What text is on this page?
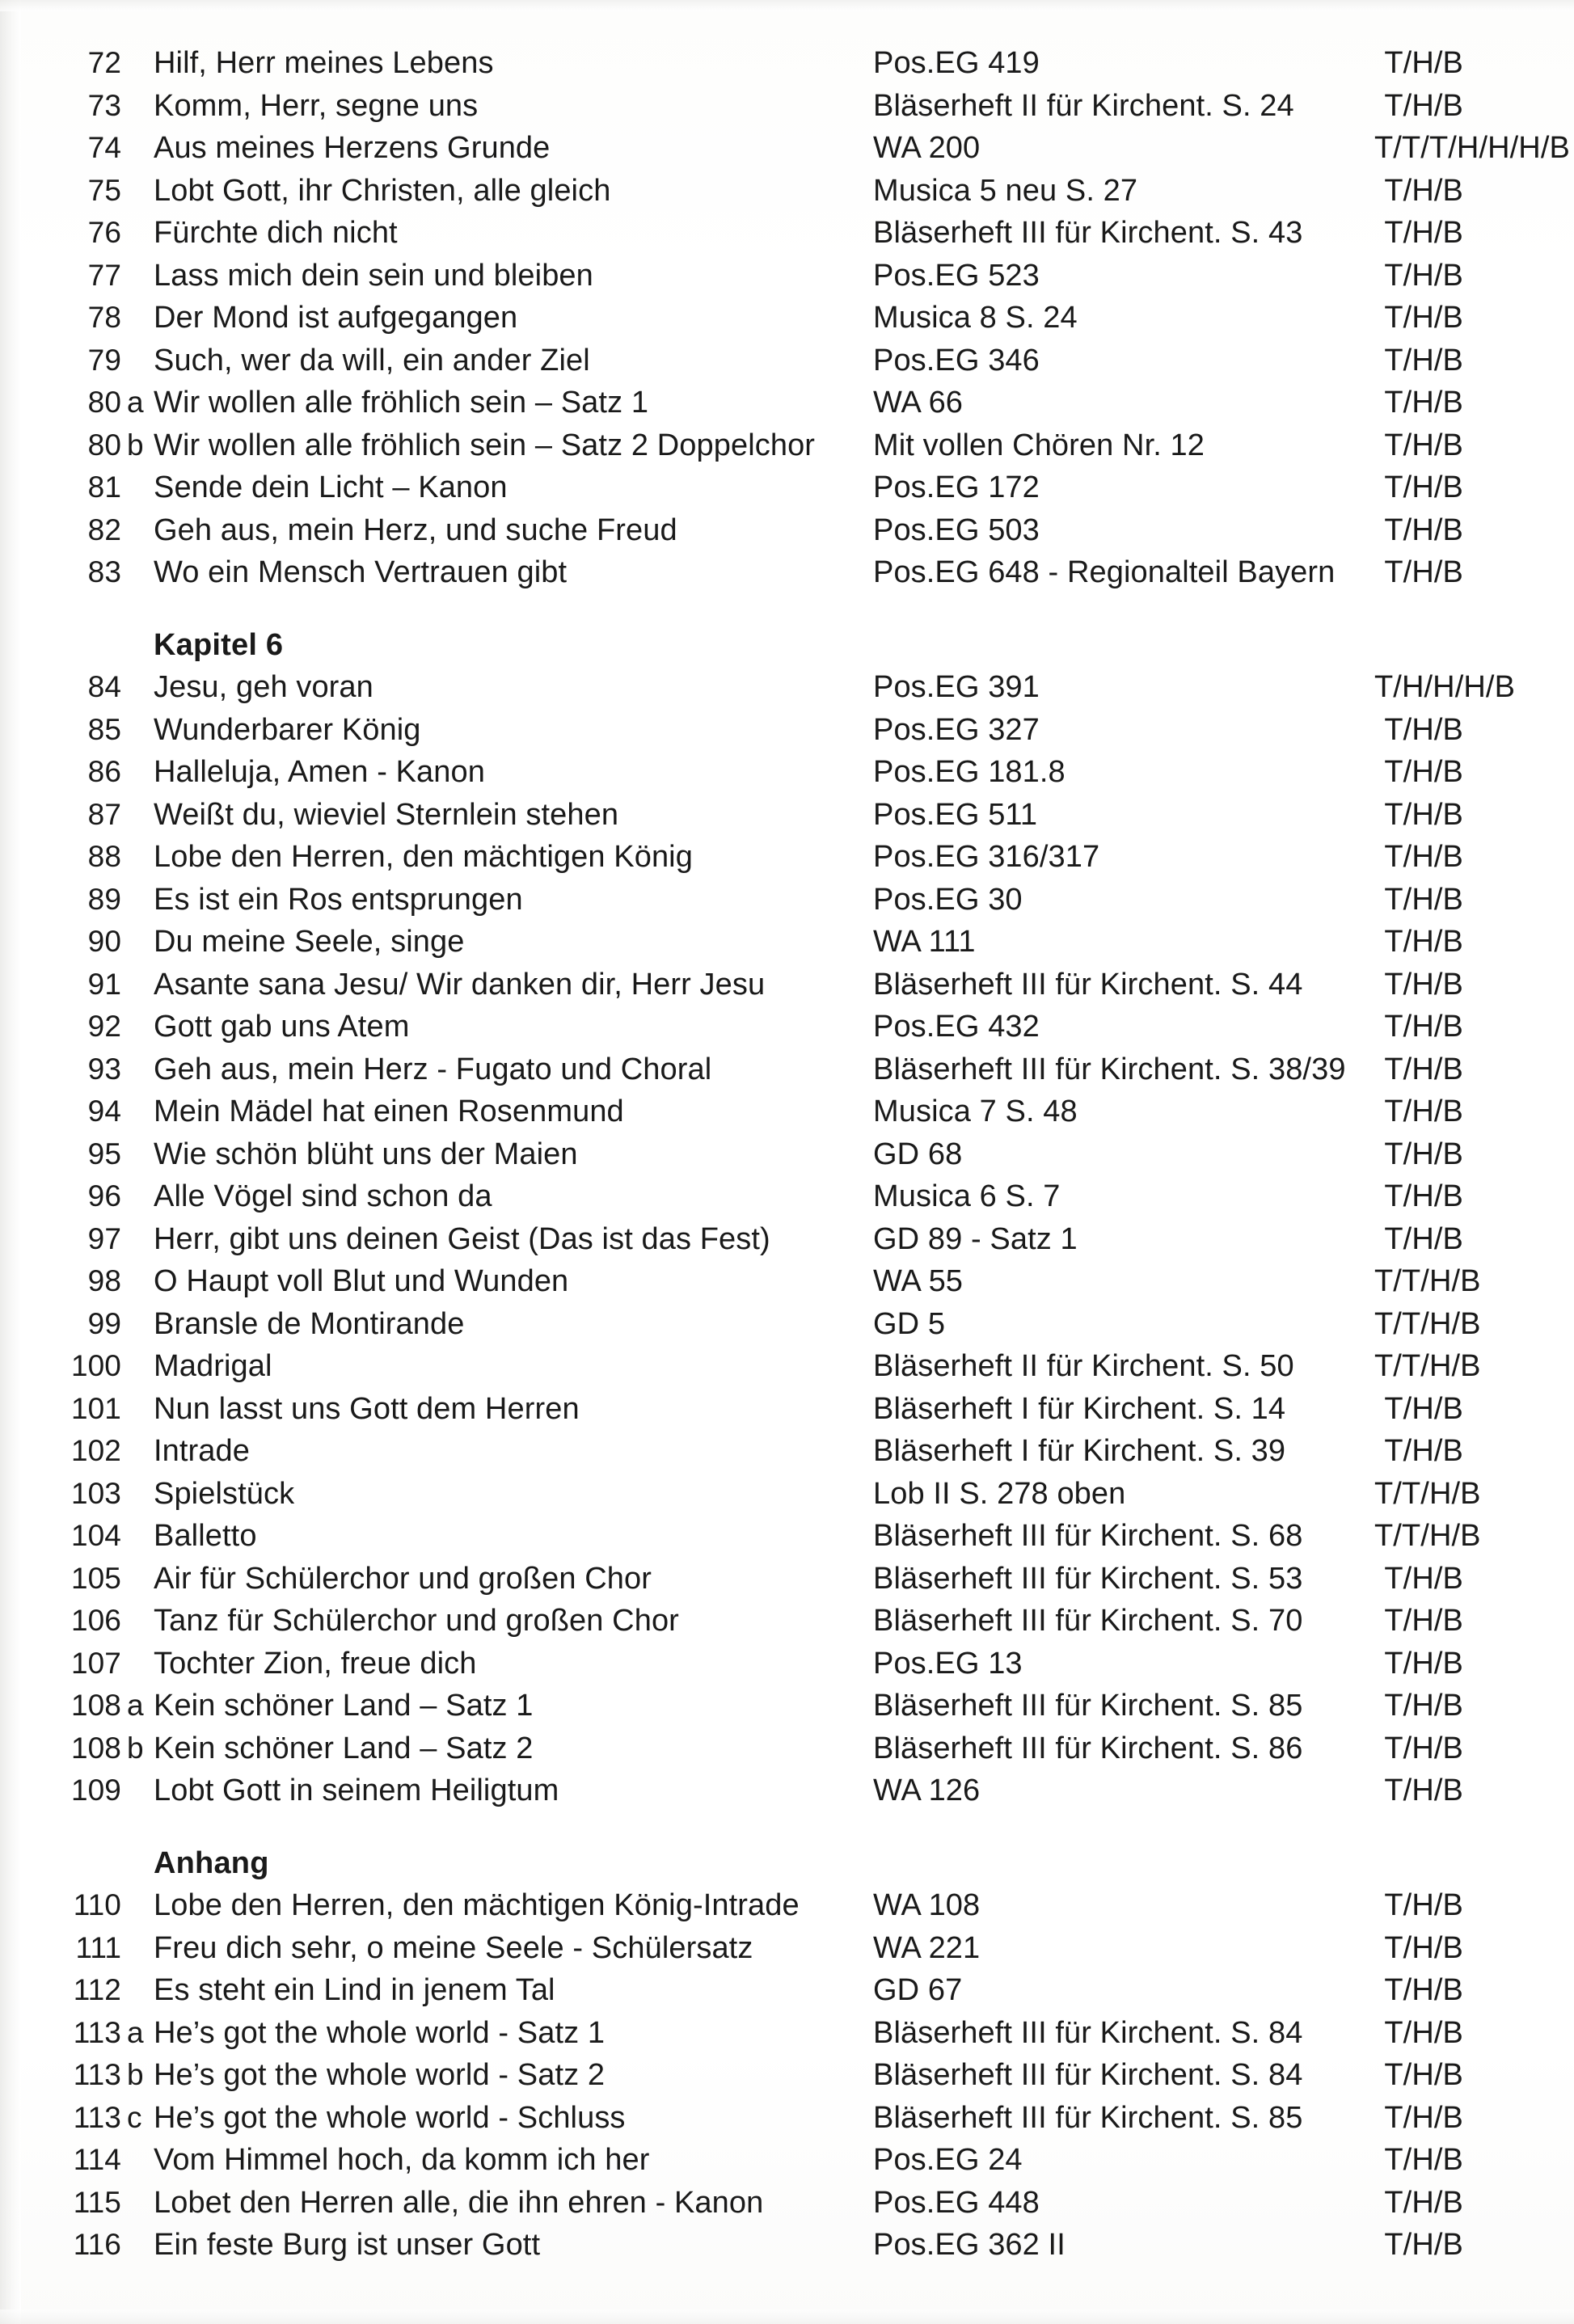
72 Hilf, Herr meines Lebens	Pos.EG 419	T/H/B
73 Komm, Herr, segne uns	Bläserheft II für Kirchent. S. 24	T/H/B
74 Aus meines Herzens Grunde	WA 200	T/T/T/H/H/H/B
75 Lobt Gott, ihr Christen, alle gleich	Musica 5 neu S. 27	T/H/B
76 Fürchte dich nicht	Bläserheft III für Kirchent. S. 43	T/H/B
77 Lass mich dein sein und bleiben	Pos.EG 523	T/H/B
78 Der Mond ist aufgegangen	Musica 8 S. 24	T/H/B
79 Such, wer da will, ein ander Ziel	Pos.EG 346	T/H/B
80 a Wir wollen alle fröhlich sein – Satz 1	WA 66	T/H/B
80 b Wir wollen alle fröhlich sein – Satz 2 Doppelchor	Mit vollen Chören Nr. 12	T/H/B
81 Sende dein Licht – Kanon	Pos.EG 172	T/H/B
82 Geh aus, mein Herz, und suche Freud	Pos.EG 503	T/H/B
83 Wo ein Mensch Vertrauen gibt	Pos.EG 648 - Regionalteil Bayern	T/H/B
Kapitel 6
84 Jesu, geh voran	Pos.EG 391	T/H/H/H/B
85 Wunderbarer König	Pos.EG 327	T/H/B
86 Halleluja, Amen - Kanon	Pos.EG 181.8	T/H/B
87 Weißt du, wieviel Sternlein stehen	Pos.EG 511	T/H/B
88 Lobe den Herren, den mächtigen König	Pos.EG 316/317	T/H/B
89 Es ist ein Ros entsprungen	Pos.EG 30	T/H/B
90 Du meine Seele, singe	WA 111	T/H/B
91 Asante sana Jesu/ Wir danken dir, Herr Jesu	Bläserheft III für Kirchent. S. 44	T/H/B
92 Gott gab uns Atem	Pos.EG 432	T/H/B
93 Geh aus, mein Herz - Fugato und Choral	Bläserheft III für Kirchent. S. 38/39	T/H/B
94 Mein Mädel hat einen Rosenmund	Musica 7 S. 48	T/H/B
95 Wie schön blüht uns der Maien	GD 68	T/H/B
96 Alle Vögel sind schon da	Musica 6 S. 7	T/H/B
97 Herr, gibt uns deinen Geist (Das ist das Fest)	GD 89 - Satz 1	T/H/B
98 O Haupt voll Blut und Wunden	WA 55	T/T/H/B
99 Bransle de Montirande	GD 5	T/T/H/B
100 Madrigal	Bläserheft II für Kirchent. S. 50	T/T/H/B
101 Nun lasst uns Gott dem Herren	Bläserheft I für Kirchent. S. 14	T/H/B
102 Intrade	Bläserheft I für Kirchent. S. 39	T/H/B
103 Spielstück	Lob II S. 278 oben	T/T/H/B
104 Balletto	Bläserheft III für Kirchent. S. 68	T/T/H/B
105 Air für Schülerchor und großen Chor	Bläserheft III für Kirchent. S. 53	T/H/B
106 Tanz für Schülerchor und großen Chor	Bläserheft III für Kirchent. S. 70	T/H/B
107 Tochter Zion, freue dich	Pos.EG 13	T/H/B
108 a Kein schöner Land – Satz 1	Bläserheft III für Kirchent. S. 85	T/H/B
108 b Kein schöner Land – Satz 2	Bläserheft III für Kirchent. S. 86	T/H/B
109 Lobt Gott in seinem Heiligtum	WA 126	T/H/B
Anhang
110 Lobe den Herren, den mächtigen König-Intrade	WA 108	T/H/B
111 Freu dich sehr, o meine Seele - Schülersatz	WA 221	T/H/B
112 Es steht ein Lind in jenem Tal	GD 67	T/H/B
113 a He’s got the whole world - Satz 1	Bläserheft III für Kirchent. S. 84	T/H/B
113 b He’s got the whole world - Satz 2	Bläserheft III für Kirchent. S. 84	T/H/B
113 c He’s got the whole world - Schluss	Bläserheft III für Kirchent. S. 85	T/H/B
114 Vom Himmel hoch, da komm ich her	Pos.EG 24	T/H/B
115 Lobet den Herren alle, die ihn ehren - Kanon	Pos.EG 448	T/H/B
116 Ein feste Burg ist unser Gott	Pos.EG 362 II	T/H/B
